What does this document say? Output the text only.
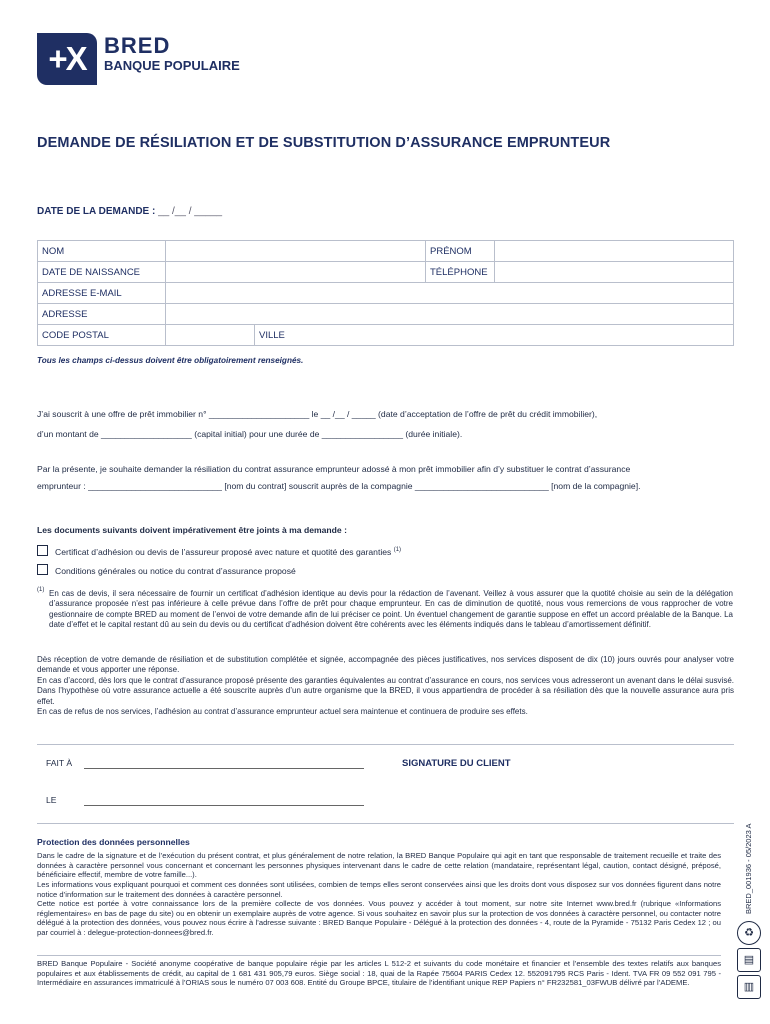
+X BRED
BANQUE POPULAIRE
DEMANDE DE RÉSILIATION ET DE SUBSTITUTION D’ASSURANCE EMPRUNTEUR
DATE DE LA DEMANDE : __ /__ / _____
NOM			PRÉNOM	
DATE DE NAISSANCE			TÉLÉPHONE	
ADRESSE E-MAIL				
ADRESSE				
CODE POSTAL		VILLE		
Tous les champs ci-dessus doivent être obligatoirement renseignés.
J’ai souscrit à une offre de prêt immobilier n° _____________________ le __ /__ / _____ (date d’acceptation de l’offre de prêt du crédit immobilier),
d’un montant de ___________________ (capital initial) pour une durée de _________________ (durée initiale).
Par la présente, je souhaite demander la résiliation du contrat assurance emprunteur adossé à mon prêt immobilier afin d’y substituer le contrat d’assurance
emprunteur : ____________________________ [nom du contrat] souscrit auprès de la compagnie ____________________________ [nom de la compagnie].
Les documents suivants doivent impérativement être joints à ma demande :
Certificat d’adhésion ou devis de l’assureur proposé avec nature et quotité des garanties $^{(1)}$
Conditions générales ou notice du contrat d’assurance proposé
$^{(1)}$ En cas de devis, il sera nécessaire de fournir un certificat d’adhésion identique au devis pour la rédaction de l’avenant. Veillez à vous assurer que la quotité choisie au sein de la délégation d’assurance proposée n’est pas inférieure à celle prévue dans l’offre de prêt pour chaque emprunteur. En cas de diminution de quotité, nous vous remercions de vous rapprocher de votre gestionnaire de compte BRED au moment de l’envoi de votre demande afin de lui préciser ce point. Un éventuel changement de garantie suppose en effet un accord préalable de la Banque. La date d’effet et le capital restant dû au sein du devis ou du certificat d’adhésion doivent être cohérents avec les éléments indiqués dans le tableau d’amortissement définitif.
Dès réception de votre demande de résiliation et de substitution complétée et signée, accompagnée des pièces justificatives, nos services disposent de dix (10) jours ouvrés pour analyser votre demande et vous apporter une réponse.
En cas d’accord, dès lors que le contrat d’assurance proposé présente des garanties équivalentes au contrat d’assurance en cours, nos services vous adresseront un avenant dans le délai susvisé. Dans l’hypothèse où votre assurance actuelle a été souscrite auprès d’un autre organisme que la BRED, il vous appartiendra de procéder à sa résiliation dès que la nouvelle assurance aura pris effet.
En cas de refus de nos services, l’adhésion au contrat d’assurance emprunteur actuel sera maintenue et continuera de produire ses effets.
FAIT À
LE
SIGNATURE DU CLIENT
Protection des données personnelles
Dans le cadre de la signature et de l’exécution du présent contrat, et plus généralement de notre relation, la BRED Banque Populaire qui agit en tant que responsable de traitement recueille et traite des données à caractère personnel vous concernant et concernant les personnes physiques intervenant dans le cadre de cette relation (mandataire, représentant légal, caution, contact désigné, préposé, bénéficiaire effectif, membre de votre famille...).
Les informations vous expliquant pourquoi et comment ces données sont utilisées, combien de temps elles seront conservées ainsi que les droits dont vous disposez sur vos données figurent dans notre notice d’information sur le traitement des données à caractère personnel.
Cette notice est portée à votre connaissance lors de la première collecte de vos données. Vous pouvez y accéder à tout moment, sur notre site Internet www.bred.fr (rubrique «Informations réglementaires» en bas de page du site) ou en obtenir un exemplaire auprès de votre agence. Si vous souhaitez en savoir plus sur la protection de vos données à caractère personnel, ou contacter notre délégué à la protection des données, vous pouvez nous écrire à l’adresse suivante : BRED Banque Populaire - Délégué à la protection des données - 4, route de la Pyramide - 75132 Paris Cedex 12 ; ou par courriel à : delegue-protection-donnees@bred.fr.
BRED Banque Populaire - Société anonyme coopérative de banque populaire régie par les articles L 512-2 et suivants du code monétaire et financier et l’ensemble des textes relatifs aux banques populaires et aux établissements de crédit, au capital de 1 681 431 905,79 euros. Siège social : 18, quai de la Rapée 75604 PARIS Cedex 12. 552091795 RCS Paris - Ident. TVA FR 09 552 091 795 - Intermédiaire en assurances immatriculé à l’ORIAS sous le numéro 07 003 608. Entité du Groupe BPCE, titulaire de l’identifiant unique REP Papiers n° FR232581_03FWUB délivré par l’ADEME.
BRED_001936 - 05/2023 A
♻
▤
▥
